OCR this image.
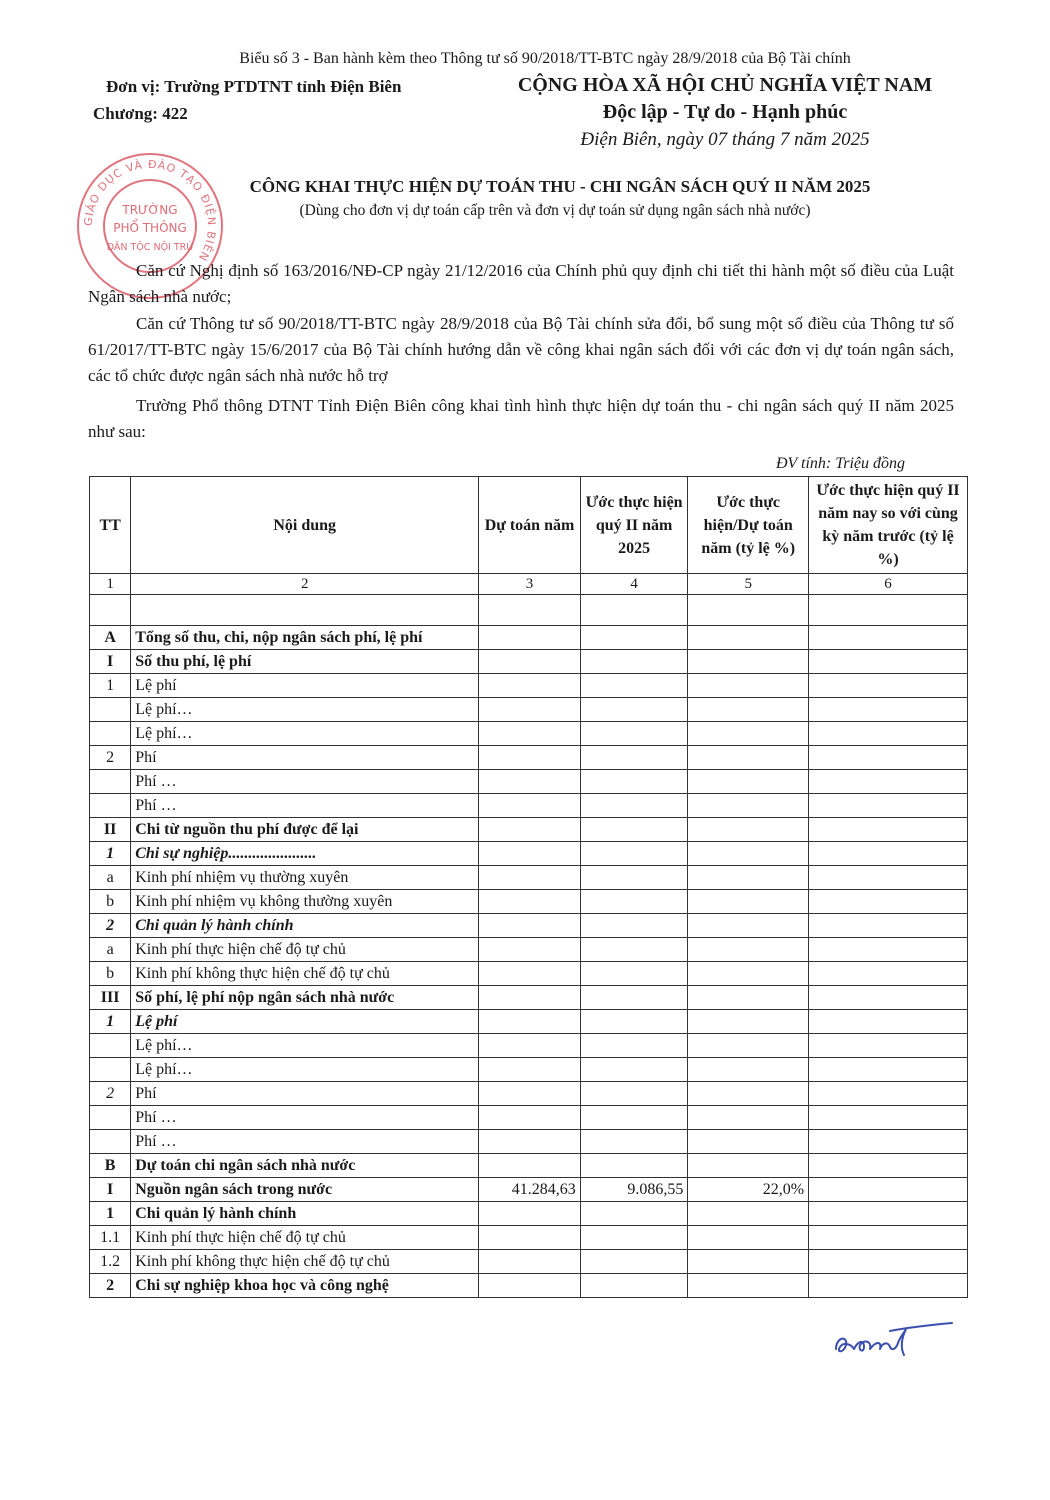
Biểu số 3 - Ban hành kèm theo Thông tư số 90/2018/TT-BTC ngày 28/9/2018 của Bộ Tài chính
Đơn vị: Trường PTDTNT tỉnh Điện Biên
Chương: 422
CỘNG HÒA XÃ HỘI CHỦ NGHĨA VIỆT NAM
Độc lập - Tự do - Hạnh phúc
Điện Biên, ngày 07 tháng 7 năm 2025
GIÁO DỤC VÀ ĐÀO TẠO ĐIỆN BIÊN
TRƯỜNG
PHỔ THÔNG
DÂN TỘC NỘI TRÚ
CÔNG KHAI THỰC HIỆN DỰ TOÁN THU - CHI NGÂN SÁCH QUÝ II NĂM 2025
(Dùng cho đơn vị dự toán cấp trên và đơn vị dự toán sử dụng ngân sách nhà nước)
Căn cứ Nghị định số 163/2016/NĐ-CP ngày 21/12/2016 của Chính phủ quy định chi tiết thi hành một số điều của Luật Ngân sách nhà nước;
Căn cứ Thông tư số 90/2018/TT-BTC ngày 28/9/2018 của Bộ Tài chính sửa đổi, bổ sung một số điều của Thông tư số 61/2017/TT-BTC ngày 15/6/2017 của Bộ Tài chính hướng dẫn về công khai ngân sách đối với các đơn vị dự toán ngân sách, các tổ chức được ngân sách nhà nước hỗ trợ
Trường Phổ thông DTNT Tỉnh Điện Biên công khai tình hình thực hiện dự toán thu - chi ngân sách quý II năm 2025 như sau:
ĐV tính: Triệu đồng
TT	Nội dung	Dự toán năm	Ước thực hiện quý II năm 2025	Ước thực hiện/Dự toán năm (tỷ lệ %)	Ước thực hiện quý II năm nay so với cùng kỳ năm trước (tỷ lệ %)
1	2	3	4	5	6

A	Tổng số thu, chi, nộp ngân sách phí, lệ phí				
I	Số thu phí, lệ phí				
1	Lệ phí				
	Lệ phí…				
	Lệ phí…				
2	Phí				
	Phí …				
	Phí …				
II	Chi từ nguồn thu phí được để lại				
1	Chi sự nghiệp......................				
a	Kinh phí nhiệm vụ thường xuyên				
b	Kinh phí nhiệm vụ không thường xuyên				
2	Chi quản lý hành chính				
a	Kinh phí thực hiện chế độ tự chủ				
b	Kinh phí không thực hiện chế độ tự chủ				
III	Số phí, lệ phí nộp ngân sách nhà nước				
1	Lệ phí				
	Lệ phí…				
	Lệ phí…				
2	Phí				
	Phí …				
	Phí …				
B	Dự toán chi ngân sách nhà nước				
I	Nguồn ngân sách trong nước	41.284,63	9.086,55	22,0%	
1	Chi quản lý hành chính				
1.1	Kinh phí thực hiện chế độ tự chủ				
1.2	Kinh phí không thực hiện chế độ tự chủ				
2	Chi sự nghiệp khoa học và công nghệ				
